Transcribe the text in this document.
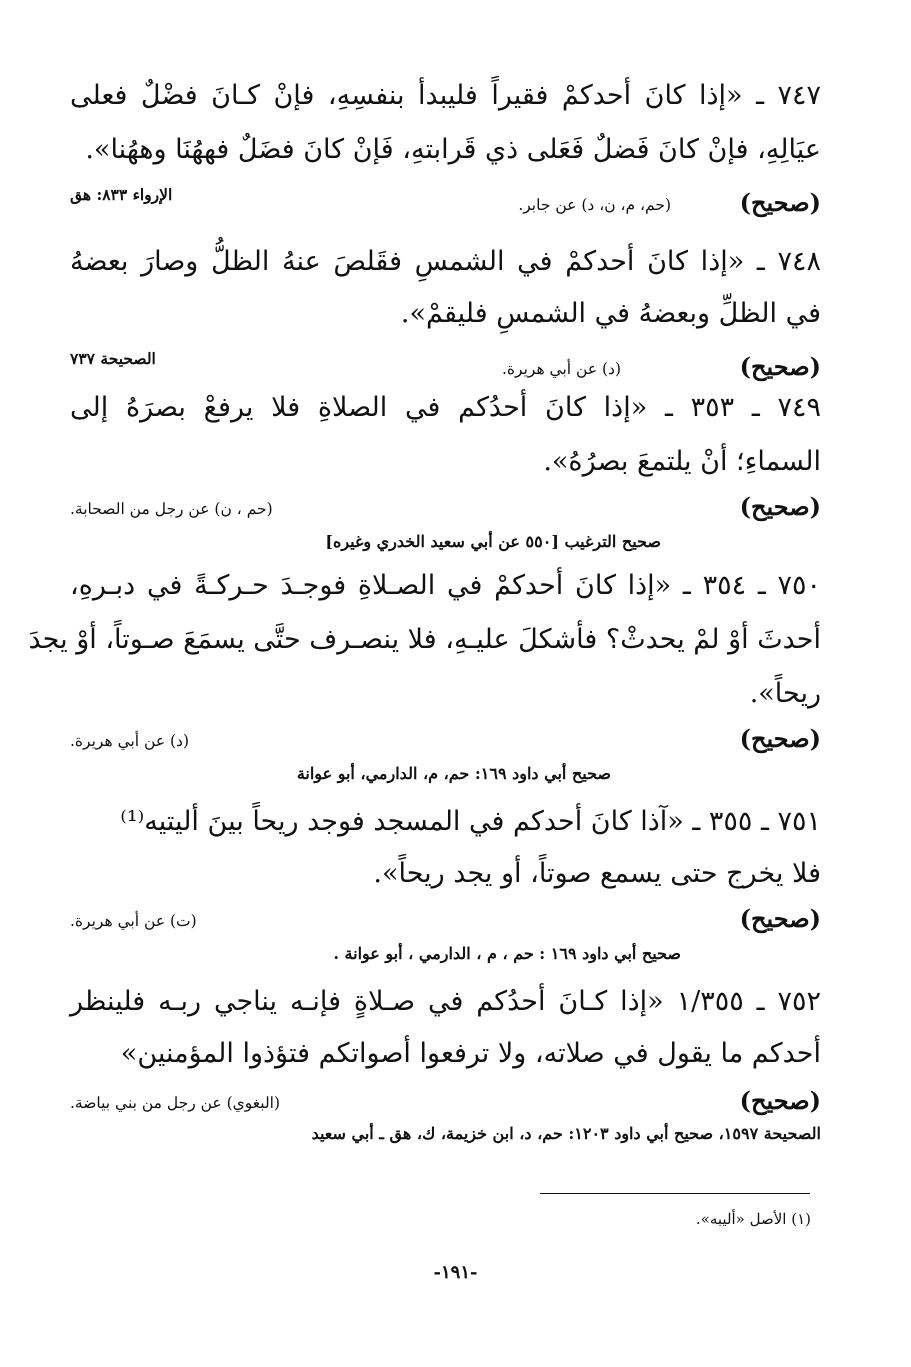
٧٤٧ ـ «إذا كانَ أحدكمْ فقيراً فليبدأ بنفسِهِ، فإنْ كـانَ فضْلٌ فعلى
عيَالِهِ، فإنْ كانَ فَضلٌ فَعَلى ذي قَرابتهِ، فَإنْ كانَ فضَلٌ فههُنَا وههُنا».
(صحيح)
(حم، م، ن، د) عن جابر.
الإرواء ٨٣٣: هق
٧٤٨ ـ «إذا كانَ أحدكمْ في الشمسِ فقَلصَ عنهُ الظلُّ وصارَ بعضهُ
في الظلِّ وبعضهُ في الشمسِ فليقمْ».
(صحيح)
(د) عن أبي هريرة.
الصحيحة ٧٣٧
٧٤٩ ـ ٣٥٣ ـ «إذا كانَ أحدُكم في الصلاةِ فلا يرفعْ بصرَهُ إلى
السماءِ؛ أنْ يلتمعَ بصرُهُ».
(صحيح)
(حم ، ن) عن رجل من الصحابة.
صحيح الترغيب [٥٥٠ عن أبي سعيد الخدري وغيره]
٧٥٠ ـ ٣٥٤ ـ «إذا كانَ أحدكمْ في الصـلاةِ فوجـدَ حـركـةً في دبـرهِ،
أحدثَ أوْ لمْ يحدثْ؟ فأشكلَ عليـهِ، فلا ينصـرف حتَّى يسمَعَ صـوتاً، أوْ يجدَ
ريحاً».
(صحيح)
(د) عن أبي هريرة.
صحيح أبي داود ١٦٩: حم، م، الدارمي، أبو عوانة
٧٥١ ـ ٣٥٥ ـ «آذا كانَ أحدكم في المسجد فوجد ريحاً بينَ أليتيه⁽¹⁾
فلا يخرج حتى يسمع صوتاً، أو يجد ريحاً».
(صحيح)
(ت) عن أبي هريرة.
صحيح أبي داود ١٦٩ : حم ، م ، الدارمي ، أبو عوانة .
٧٥٢ ـ ١/٣٥٥ «إذا كـانَ أحدُكم في صـلاةٍ فإنـه يناجي ربـه فلينظر
أحدكم ما يقول في صلاته، ولا ترفعوا أصواتكم فتؤذوا المؤمنين»
(صحيح)
(البغوي) عن رجل من بني بياضة.
الصحيحة ١٥٩٧، صحيح أبي داود ١٢٠٣: حم، د، ابن خزيمة، ك، هق ـ أبي سعيد
(١) الأصل «أليبه».
-١٩١-
